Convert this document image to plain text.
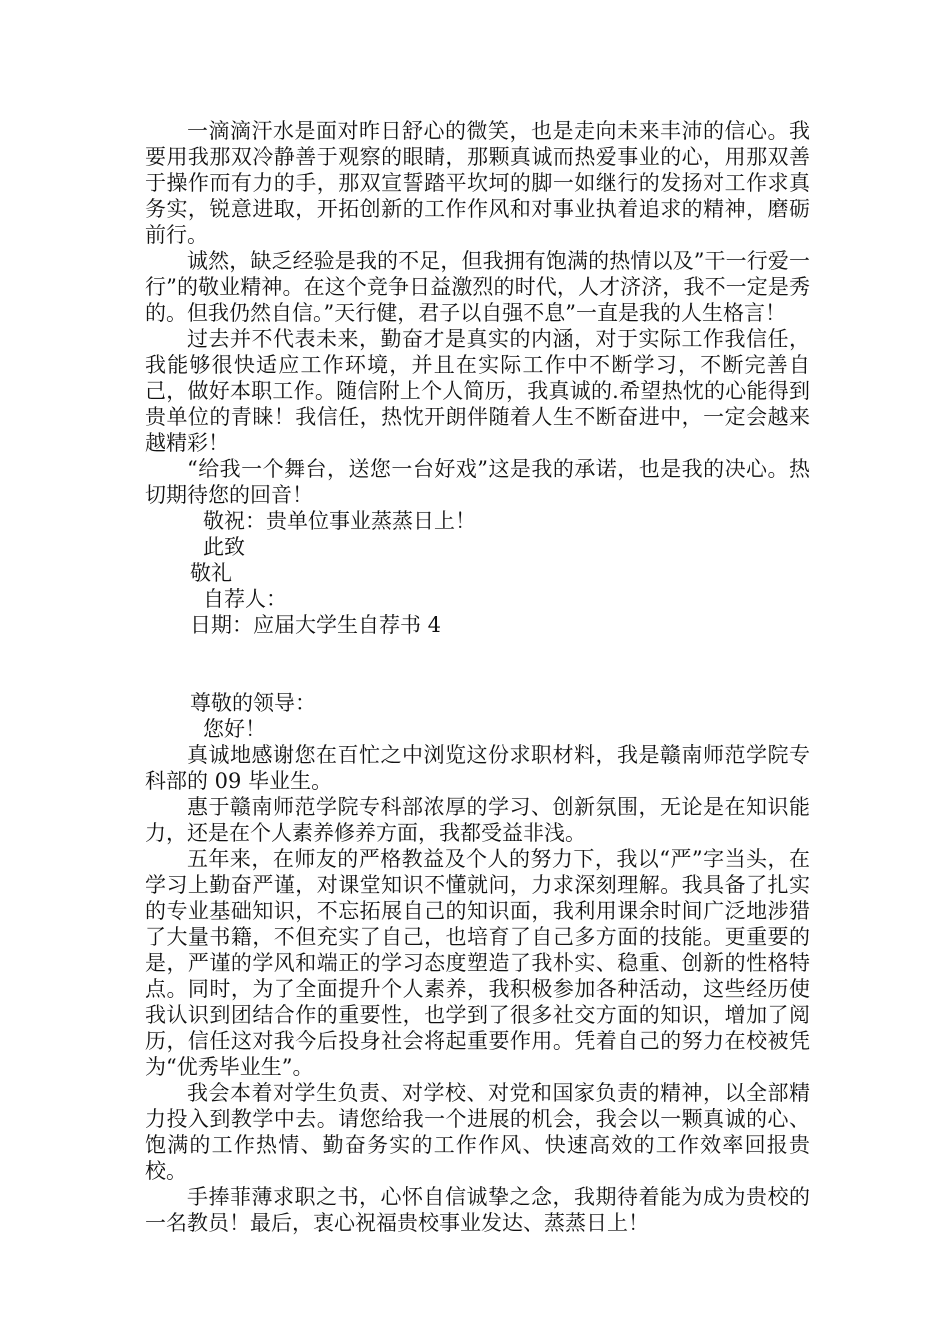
一滴滴汗水是面对昨日舒心的微笑，也是走向未来丰沛的信心。我要用我那双冷静善于观察的眼睛，那颗真诚而热爱事业的心，用那双善于操作而有力的手，那双宣誓踏平坎坷的脚一如继行的发扬对工作求真务实，锐意进取，开拓创新的工作作风和对事业执着追求的精神，磨砺前行。

诚然，缺乏经验是我的不足，但我拥有饱满的热情以及”干一行爱一行”的敬业精神。在这个竞争日益激烈的时代，人才济济，我不一定是秀的。但我仍然自信。”天行健，君子以自强不息”一直是我的人生格言！

过去并不代表未来，勤奋才是真实的内涵，对于实际工作我信任，我能够很快适应工作环境，并且在实际工作中不断学习，不断完善自己，做好本职工作。随信附上个人简历，我真诚的.希望热忱的心能得到贵单位的青睐！我信任，热忱开朗伴随着人生不断奋进中，一定会越来越精彩！

“给我一个舞台，送您一台好戏”这是我的承诺，也是我的决心。热切期待您的回音！

敬祝：贵单位事业蒸蒸日上！

此致

敬礼

自荐人：

日期：应届大学生自荐书 4

尊敬的领导：

您好！

真诚地感谢您在百忙之中浏览这份求职材料，我是赣南师范学院专科部的 09 毕业生。

惠于赣南师范学院专科部浓厚的学习、创新氛围，无论是在知识能力，还是在个人素养修养方面，我都受益非浅。

五年来，在师友的严格教益及个人的努力下，我以“严”字当头，在学习上勤奋严谨，对课堂知识不懂就问，力求深刻理解。我具备了扎实的专业基础知识，不忘拓展自己的知识面，我利用课余时间广泛地涉猎了大量书籍，不但充实了自己，也培育了自己多方面的技能。更重要的是，严谨的学风和端正的学习态度塑造了我朴实、稳重、创新的性格特点。同时，为了全面提升个人素养，我积极参加各种活动，这些经历使我认识到团结合作的重要性，也学到了很多社交方面的知识，增加了阅历，信任这对我今后投身社会将起重要作用。凭着自己的努力在校被凭为“优秀毕业生”。

我会本着对学生负责、对学校、对党和国家负责的精神，以全部精力投入到教学中去。请您给我一个进展的机会，我会以一颗真诚的心、饱满的工作热情、勤奋务实的工作作风、快速高效的工作效率回报贵校。

手捧菲薄求职之书，心怀自信诚挚之念，我期待着能为成为贵校的一名教员！最后，衷心祝福贵校事业发达、蒸蒸日上！
